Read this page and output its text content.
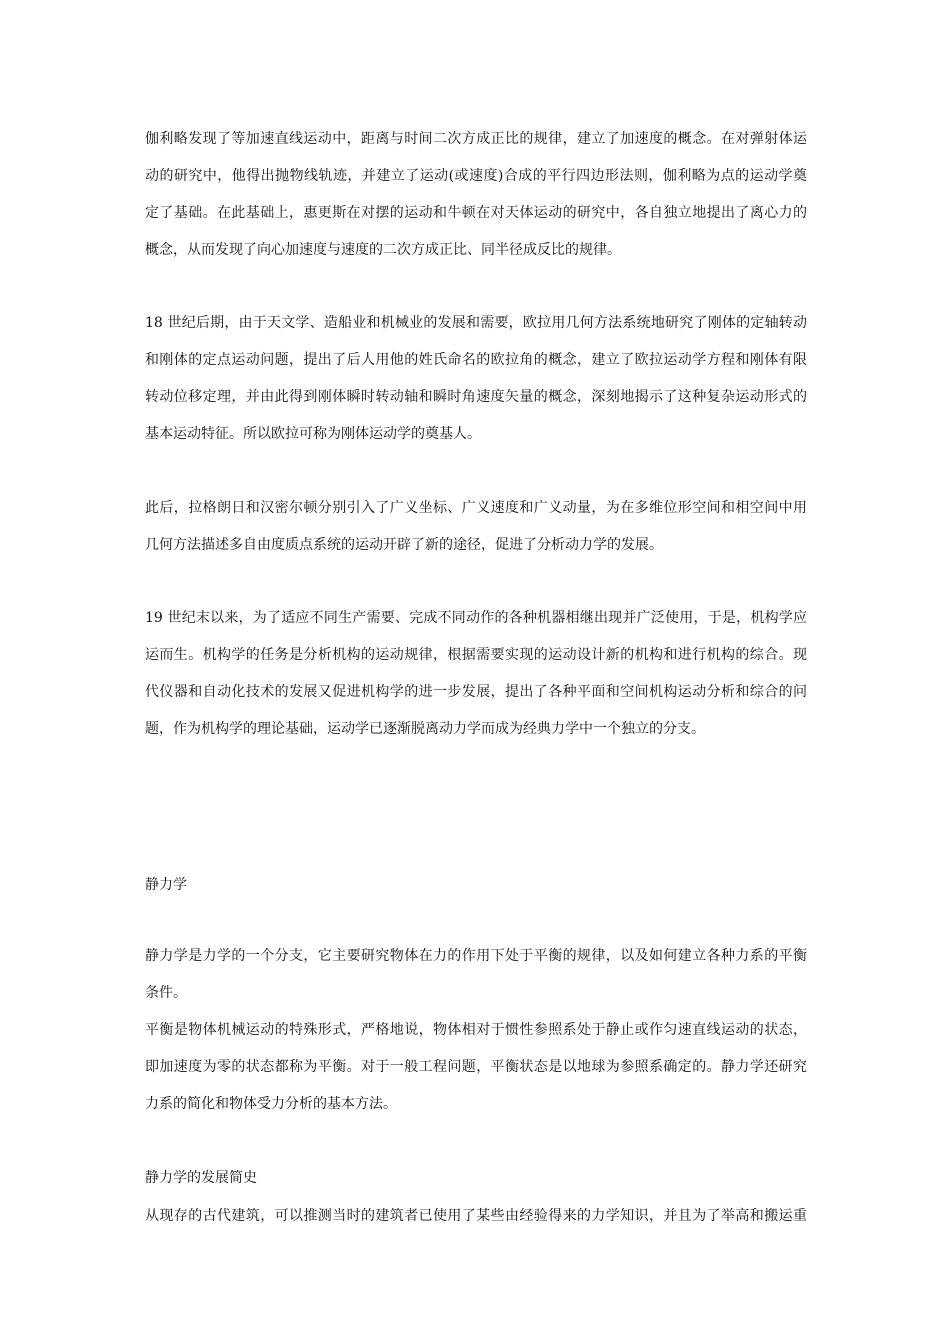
伽利略发现了等加速直线运动中，距离与时间二次方成正比的规律，建立了加速度的概念。在对弹射体运
动的研究中，他得出抛物线轨迹，并建立了运动(或速度)合成的平行四边形法则，伽利略为点的运动学奠
定了基础。在此基础上，惠更斯在对摆的运动和牛顿在对天体运动的研究中，各自独立地提出了离心力的
概念，从而发现了向心加速度与速度的二次方成正比、同半径成反比的规律。
18 世纪后期，由于天文学、造船业和机械业的发展和需要，欧拉用几何方法系统地研究了刚体的定轴转动
和刚体的定点运动问题，提出了后人用他的姓氏命名的欧拉角的概念，建立了欧拉运动学方程和刚体有限
转动位移定理，并由此得到刚体瞬时转动轴和瞬时角速度矢量的概念，深刻地揭示了这种复杂运动形式的
基本运动特征。所以欧拉可称为刚体运动学的奠基人。
此后，拉格朗日和汉密尔顿分别引入了广义坐标、广义速度和广义动量，为在多维位形空间和相空间中用
几何方法描述多自由度质点系统的运动开辟了新的途径，促进了分析动力学的发展。
19 世纪末以来，为了适应不同生产需要、完成不同动作的各种机器相继出现并广泛使用，于是，机构学应
运而生。机构学的任务是分析机构的运动规律，根据需要实现的运动设计新的机构和进行机构的综合。现
代仪器和自动化技术的发展又促进机构学的进一步发展，提出了各种平面和空间机构运动分析和综合的问
题，作为机构学的理论基础，运动学已逐渐脱离动力学而成为经典力学中一个独立的分支。
静力学
静力学是力学的一个分支，它主要研究物体在力的作用下处于平衡的规律，以及如何建立各种力系的平衡
条件。
平衡是物体机械运动的特殊形式，严格地说，物体相对于惯性参照系处于静止或作匀速直线运动的状态，
即加速度为零的状态都称为平衡。对于一般工程问题，平衡状态是以地球为参照系确定的。静力学还研究
力系的简化和物体受力分析的基本方法。
静力学的发展简史
从现存的古代建筑，可以推测当时的建筑者已使用了某些由经验得来的力学知识，并且为了举高和搬运重
